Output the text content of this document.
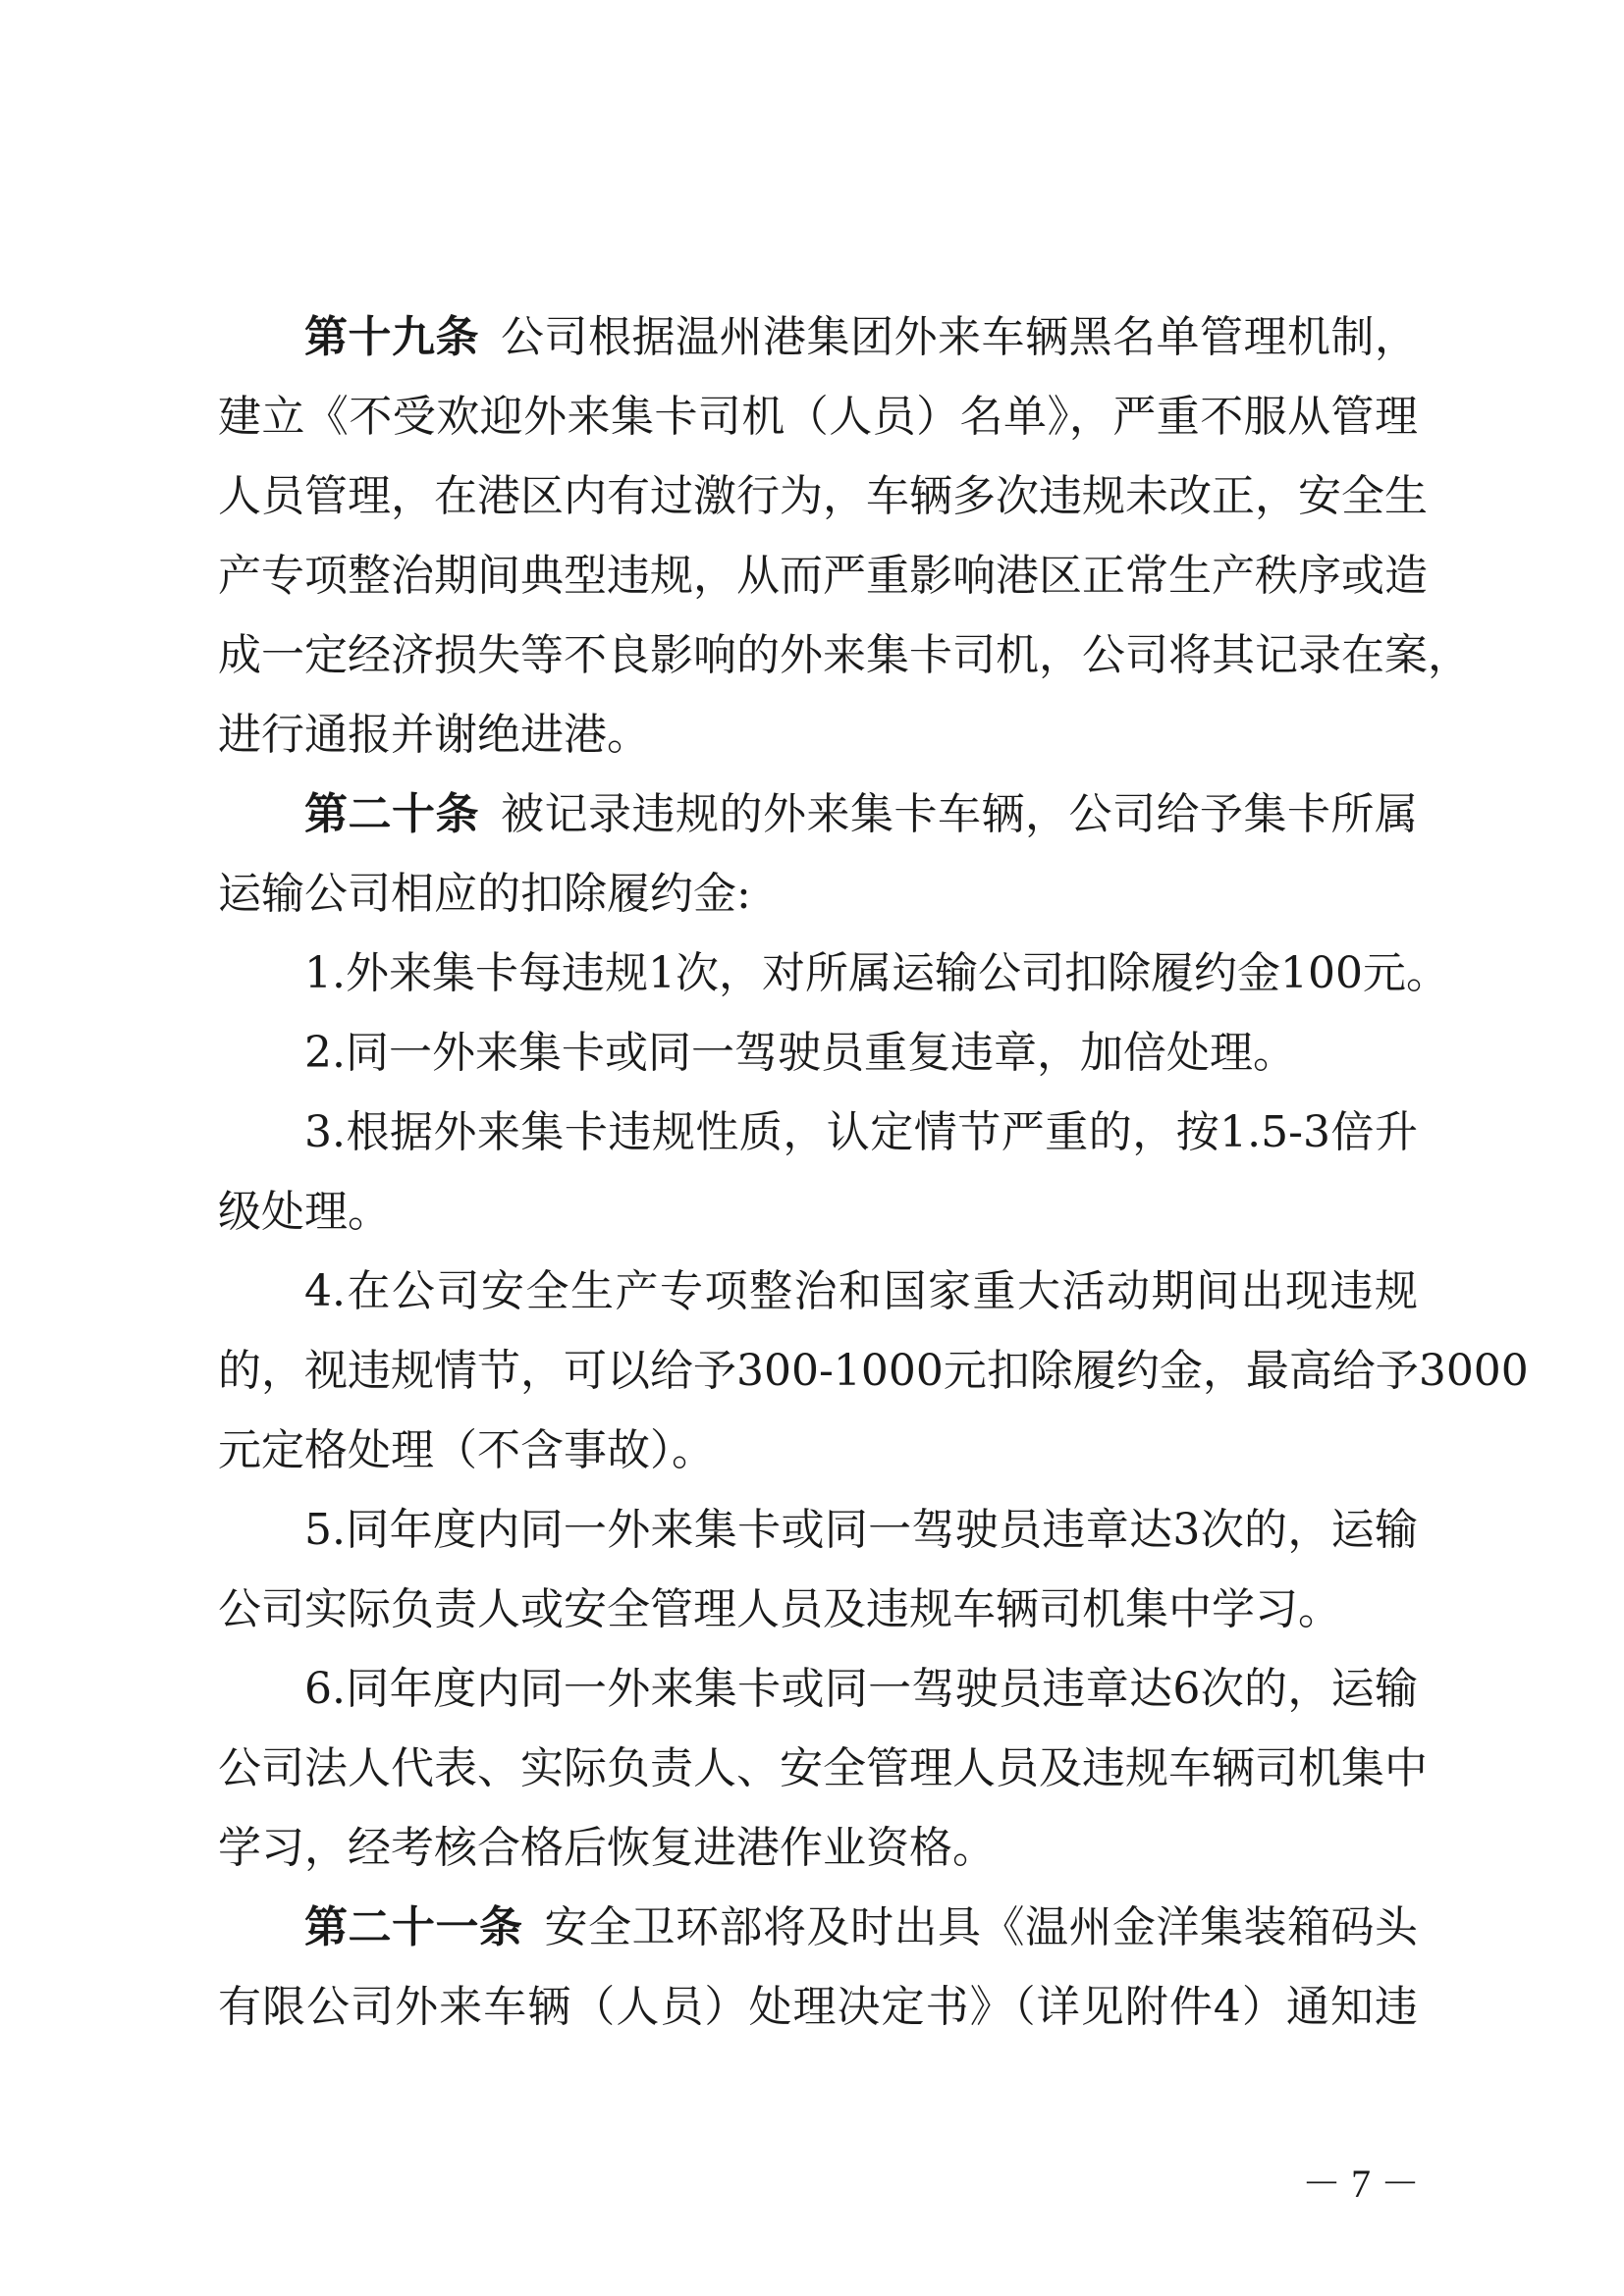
第十九条 公司根据温州港集团外来车辆黑名单管理机制，
建立《不受欢迎外来集卡司机（人员）名单》，严重不服从管理
人员管理，在港区内有过激行为，车辆多次违规未改正，安全生
产专项整治期间典型违规，从而严重影响港区正常生产秩序或造
成一定经济损失等不良影响的外来集卡司机，公司将其记录在案，
进行通报并谢绝进港。
第二十条 被记录违规的外来集卡车辆，公司给予集卡所属
运输公司相应的扣除履约金:
1.外来集卡每违规1次，对所属运输公司扣除履约金100元。
2.同一外来集卡或同一驾驶员重复违章，加倍处理。
3.根据外来集卡违规性质，认定情节严重的，按1.5-3倍升
级处理。
4.在公司安全生产专项整治和国家重大活动期间出现违规
的，视违规情节，可以给予300-1000元扣除履约金，最高给予3000
元定格处理（不含事故）。
5.同年度内同一外来集卡或同一驾驶员违章达3次的，运输
公司实际负责人或安全管理人员及违规车辆司机集中学习。
6.同年度内同一外来集卡或同一驾驶员违章达6次的，运输
公司法人代表、实际负责人、安全管理人员及违规车辆司机集中
学习，经考核合格后恢复进港作业资格。
第二十一条 安全卫环部将及时出具《温州金洋集装箱码头
有限公司外来车辆（人员）处理决定书》（详见附件4）通知违
－ 7 －
